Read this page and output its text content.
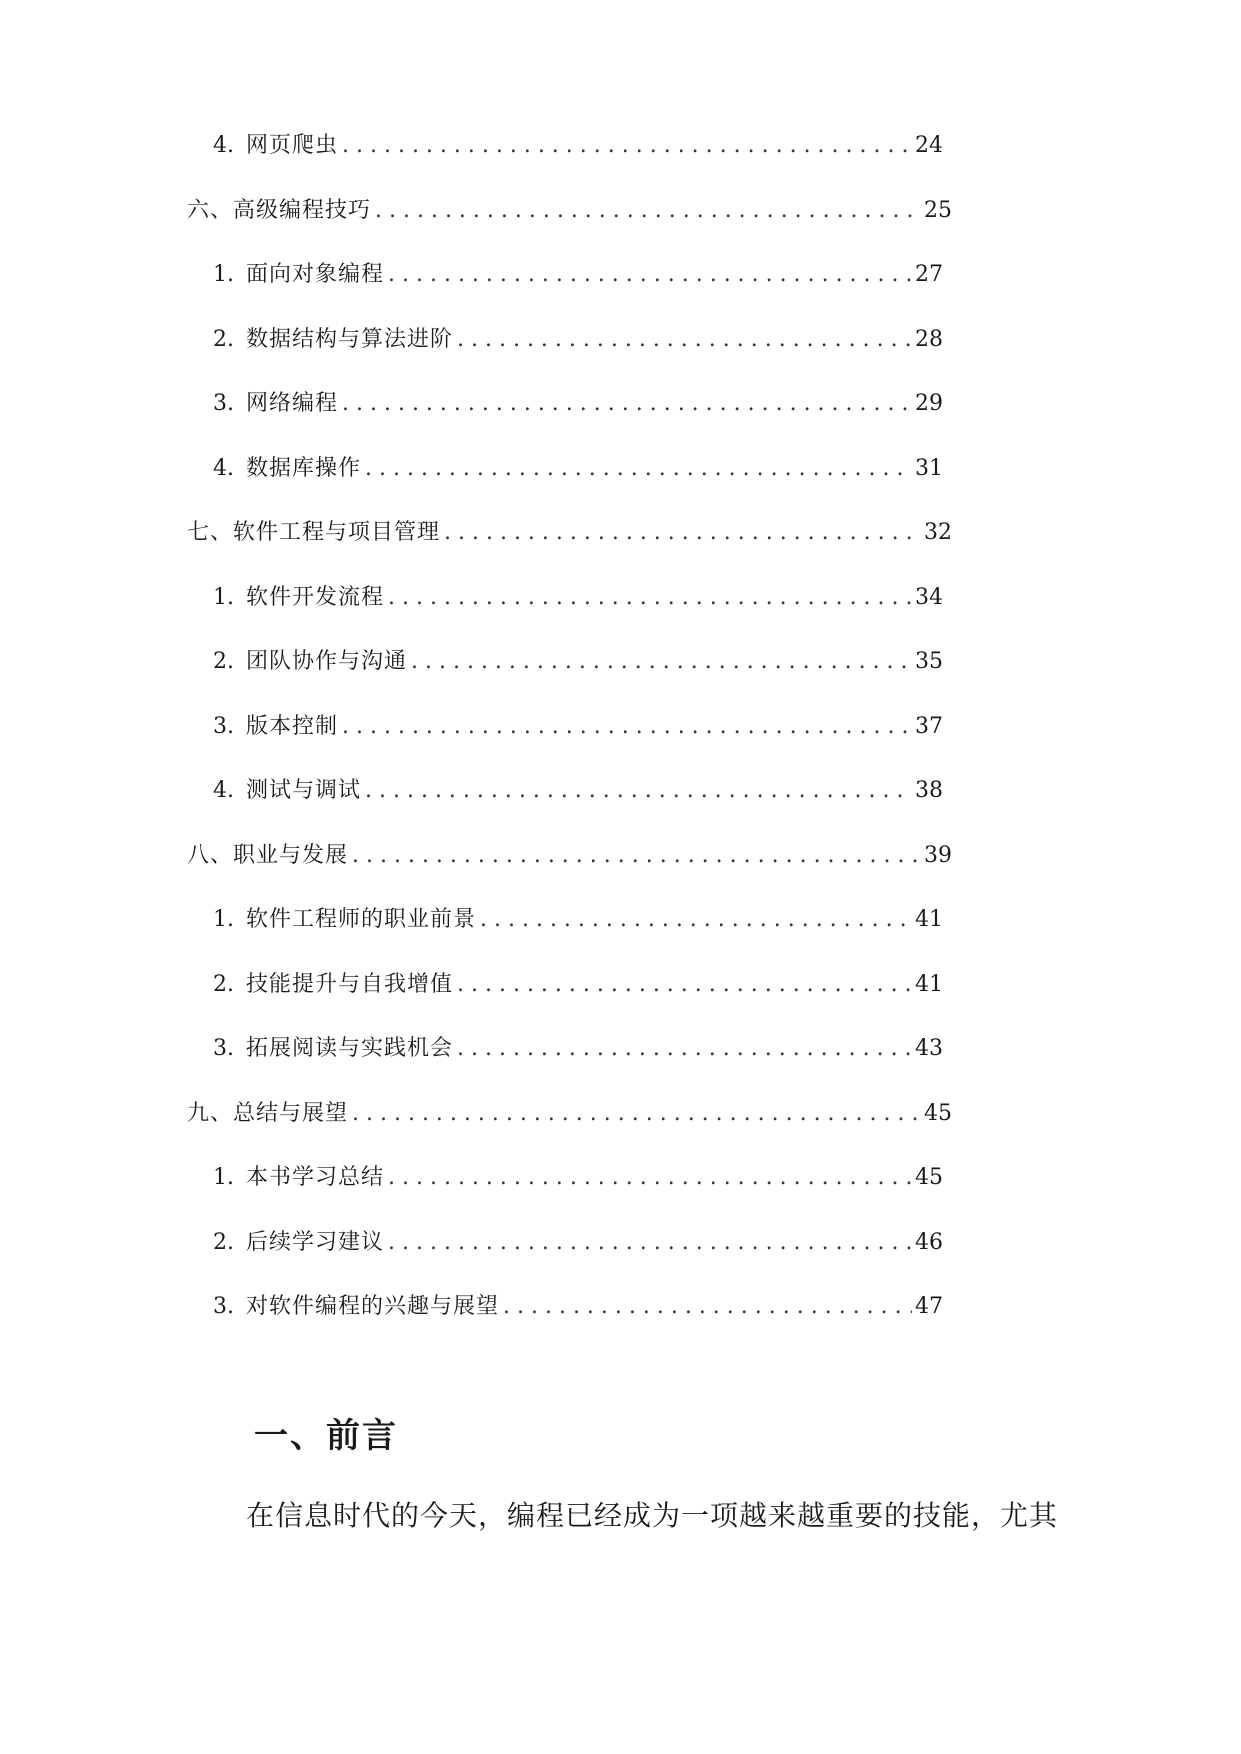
4. 网页爬虫 . . .	24
六、高级编程技巧 . . .	25
1. 面向对象编程 . . .	27
2. 数据结构与算法进阶 . . .	28
3. 网络编程 . . .	29
4. 数据库操作 . . .	31
七、软件工程与项目管理 . . .	32
1. 软件开发流程 . . .	34
2. 团队协作与沟通 . . .	35
3. 版本控制 . . .	37
4. 测试与调试 . . .	38
八、职业与发展 . . .	39
1. 软件工程师的职业前景 . . .	41
2. 技能提升与自我增值 . . .	41
3. 拓展阅读与实践机会 . . .	43
九、总结与展望 . . .	45
1. 本书学习总结 . . .	45
2. 后续学习建议 . . .	46
3. 对软件编程的兴趣与展望 . . .	47
一、前言
在信息时代的今天，编程已经成为一项越来越重要的技能，尤其
